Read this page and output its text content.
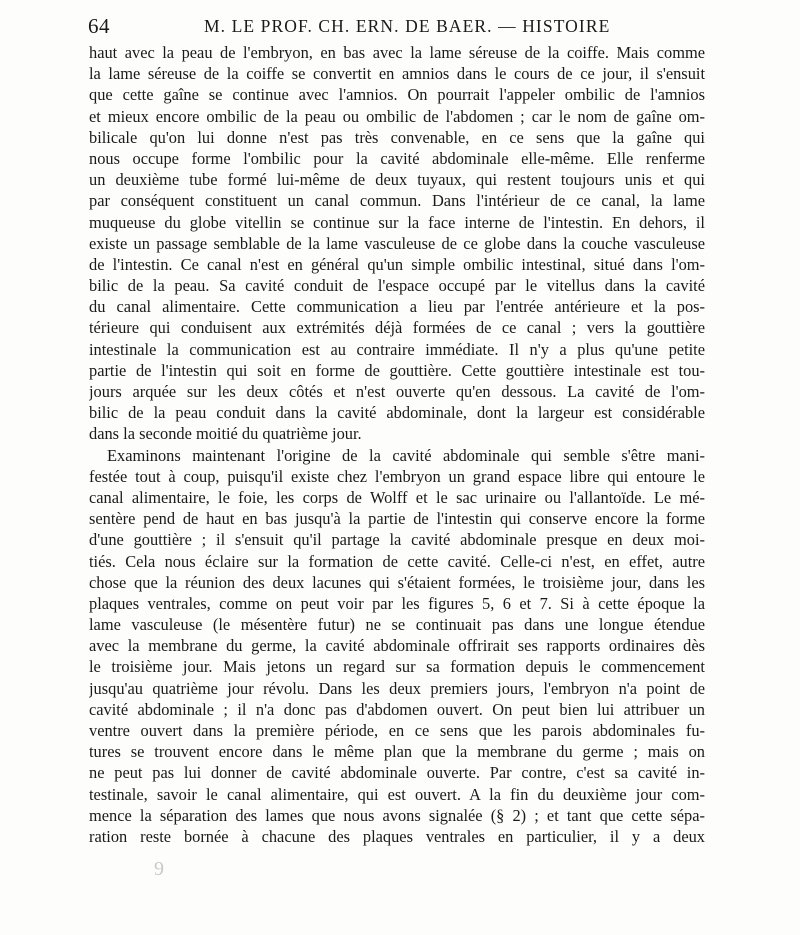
64	M. LE PROF. CH. ERN. DE BAER. — HISTOIRE
haut avec la peau de l'embryon, en bas avec la lame séreuse de la coiffe. Mais comme
la lame séreuse de la coiffe se convertit en amnios dans le cours de ce jour, il s'ensuit
que cette gaîne se continue avec l'amnios. On pourrait l'appeler ombilic de l'amnios
et mieux encore ombilic de la peau ou ombilic de l'abdomen ; car le nom de gaîne om-
bilicale qu'on lui donne n'est pas très convenable, en ce sens que la gaîne qui
nous occupe forme l'ombilic pour la cavité abdominale elle-même. Elle renferme
un deuxième tube formé lui-même de deux tuyaux, qui restent toujours unis et qui
par conséquent constituent un canal commun. Dans l'intérieur de ce canal, la lame
muqueuse du globe vitellin se continue sur la face interne de l'intestin. En dehors, il
existe un passage semblable de la lame vasculeuse de ce globe dans la couche vasculeuse
de l'intestin. Ce canal n'est en général qu'un simple ombilic intestinal, situé dans l'om-
bilic de la peau. Sa cavité conduit de l'espace occupé par le vitellus dans la cavité
du canal alimentaire. Cette communication a lieu par l'entrée antérieure et la pos-
térieure qui conduisent aux extrémités déjà formées de ce canal ; vers la gouttière
intestinale la communication est au contraire immédiate. Il n'y a plus qu'une petite
partie de l'intestin qui soit en forme de gouttière. Cette gouttière intestinale est tou-
jours arquée sur les deux côtés et n'est ouverte qu'en dessous. La cavité de l'om-
bilic de la peau conduit dans la cavité abdominale, dont la largeur est considérable
dans la seconde moitié du quatrième jour.
Examinons maintenant l'origine de la cavité abdominale qui semble s'être mani-
festée tout à coup, puisqu'il existe chez l'embryon un grand espace libre qui entoure le
canal alimentaire, le foie, les corps de Wolff et le sac urinaire ou l'allantoïde. Le mé-
sentère pend de haut en bas jusqu'à la partie de l'intestin qui conserve encore la forme
d'une gouttière ; il s'ensuit qu'il partage la cavité abdominale presque en deux moi-
tiés. Cela nous éclaire sur la formation de cette cavité. Celle-ci n'est, en effet, autre
chose que la réunion des deux lacunes qui s'étaient formées, le troisième jour, dans les
plaques ventrales, comme on peut voir par les figures 5, 6 et 7. Si à cette époque la
lame vasculeuse (le mésentère futur) ne se continuait pas dans une longue étendue
avec la membrane du germe, la cavité abdominale offrirait ses rapports ordinaires dès
le troisième jour. Mais jetons un regard sur sa formation depuis le commencement
jusqu'au quatrième jour révolu. Dans les deux premiers jours, l'embryon n'a point de
cavité abdominale ; il n'a donc pas d'abdomen ouvert. On peut bien lui attribuer un
ventre ouvert dans la première période, en ce sens que les parois abdominales fu-
tures se trouvent encore dans le même plan que la membrane du germe ; mais on
ne peut pas lui donner de cavité abdominale ouverte. Par contre, c'est sa cavité in-
testinale, savoir le canal alimentaire, qui est ouvert. A la fin du deuxième jour com-
mence la séparation des lames que nous avons signalée (§ 2) ; et tant que cette sépa-
ration reste bornée à chacune des plaques ventrales en particulier, il y a deux
9
